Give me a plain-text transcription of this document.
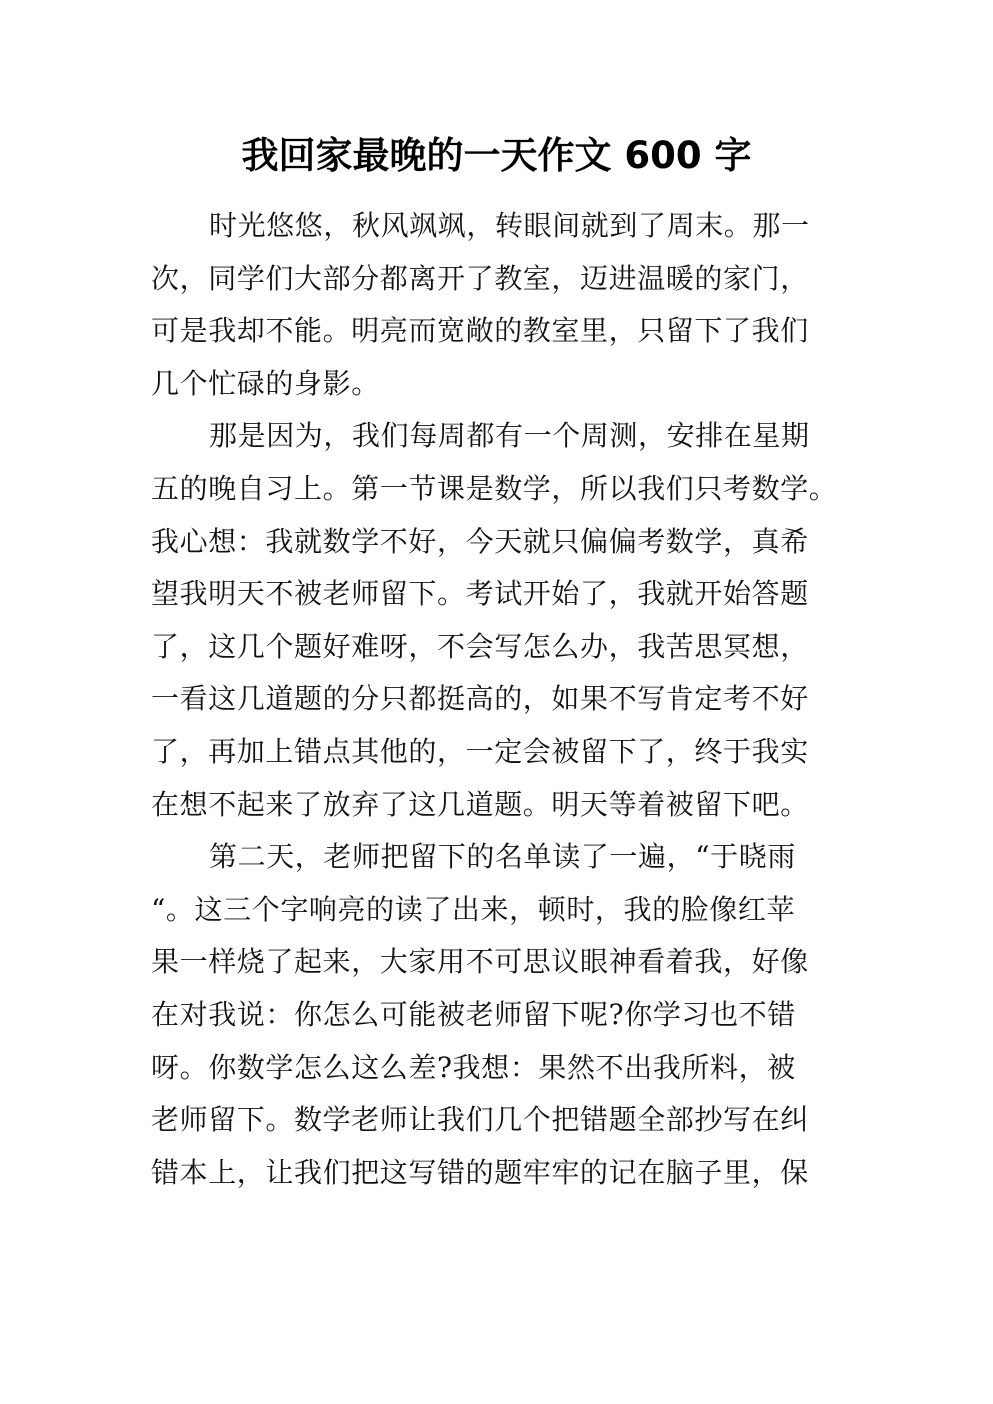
我回家最晚的一天作文 600 字
时光悠悠，秋风飒飒，转眼间就到了周末。那一
次，同学们大部分都离开了教室，迈进温暖的家门，
可是我却不能。明亮而宽敞的教室里，只留下了我们
几个忙碌的身影。
那是因为，我们每周都有一个周测，安排在星期
五的晚自习上。第一节课是数学，所以我们只考数学。
我心想：我就数学不好，今天就只偏偏考数学，真希
望我明天不被老师留下。考试开始了，我就开始答题
了，这几个题好难呀，不会写怎么办，我苦思冥想，
一看这几道题的分只都挺高的，如果不写肯定考不好
了，再加上错点其他的，一定会被留下了，终于我实
在想不起来了放弃了这几道题。明天等着被留下吧。
第二天，老师把留下的名单读了一遍，“于晓雨
“。这三个字响亮的读了出来，顿时，我的脸像红苹
果一样烧了起来，大家用不可思议眼神看着我，好像
在对我说：你怎么可能被老师留下呢?你学习也不错
呀。你数学怎么这么差?我想：果然不出我所料，被
老师留下。数学老师让我们几个把错题全部抄写在纠
错本上，让我们把这写错的题牢牢的记在脑子里，保
